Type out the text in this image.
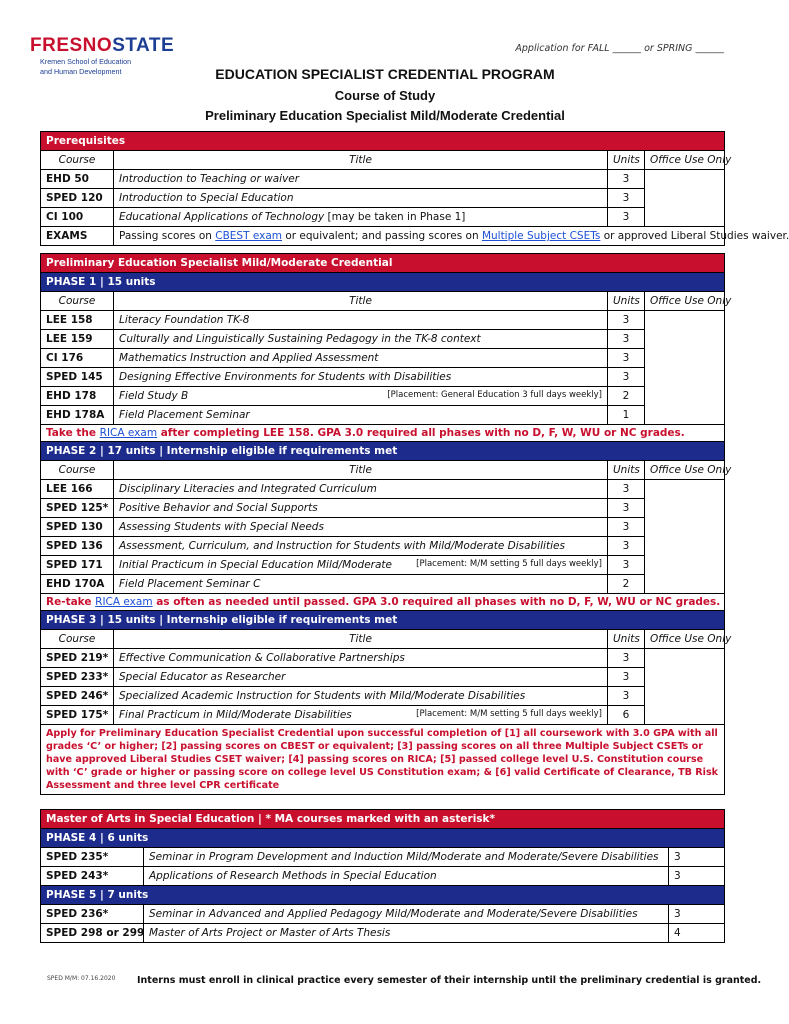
FRESNOSTATE
Kremen School of Education
and Human Development
Application for FALL ______ or SPRING ______
EDUCATION SPECIALIST CREDENTIAL PROGRAM
Course of Study
Preliminary Education Specialist Mild/Moderate Credential
Prerequisites			
Course	Title	Units	Office Use Only
EHD 50	Introduction to Teaching or waiver	3	
SPED 120	Introduction to Special Education	3	
CI 100	Educational Applications of Technology [may be taken in Phase 1]	3	
EXAMS	Passing scores on CBEST exam or equivalent; and passing scores on Multiple Subject CSETs or approved Liberal Studies waiver.		
Preliminary Education Specialist Mild/Moderate Credential			
PHASE 1 | 15 units			
Course	Title	Units	Office Use Only
LEE 158	Literacy Foundation TK-8	3	
LEE 159	Culturally and Linguistically Sustaining Pedagogy in the TK-8 context	3	
CI 176	Mathematics Instruction and Applied Assessment	3	
SPED 145	Designing Effective Environments for Students with Disabilities	3	
EHD 178	Field Study B [Placement: General Education 3 full days weekly]	2	
EHD 178A	Field Placement Seminar	1	
Take the RICA exam after completing LEE 158. GPA 3.0 required all phases with no D, F, W, WU or NC grades.			
PHASE 2 | 17 units | Internship eligible if requirements met			
Course	Title	Units	Office Use Only
LEE 166	Disciplinary Literacies and Integrated Curriculum	3	
SPED 125*	Positive Behavior and Social Supports	3	
SPED 130	Assessing Students with Special Needs	3	
SPED 136	Assessment, Curriculum, and Instruction for Students with Mild/Moderate Disabilities	3	
SPED 171	Initial Practicum in Special Education Mild/Moderate [Placement: M/M setting 5 full days weekly]	3	
EHD 170A	Field Placement Seminar C	2	
Re-take RICA exam as often as needed until passed. GPA 3.0 required all phases with no D, F, W, WU or NC grades.			
PHASE 3 | 15 units | Internship eligible if requirements met			
Course	Title	Units	Office Use Only
SPED 219*	Effective Communication & Collaborative Partnerships	3	
SPED 233*	Special Educator as Researcher	3	
SPED 246*	Specialized Academic Instruction for Students with Mild/Moderate Disabilities	3	
SPED 175*	Final Practicum in Mild/Moderate Disabilities [Placement: M/M setting 5 full days weekly]	6	
Apply for Preliminary Education Specialist Credential upon successful completion of [1] all coursework with 3.0 GPA with all grades ‘C’ or higher; [2] passing scores on CBEST or equivalent; [3] passing scores on all three Multiple Subject CSETs or have approved Liberal Studies CSET waiver; [4] passing scores on RICA; [5] passed college level U.S. Constitution course with ‘C’ grade or higher or passing score on college level US Constitution exam; & [6] valid Certificate of Clearance, TB Risk Assessment and three level CPR certificate			
Master of Arts in Special Education | * MA courses marked with an asterisk*		
PHASE 4 | 6 units		
SPED 235*	Seminar in Program Development and Induction Mild/Moderate and Moderate/Severe Disabilities	3
SPED 243*	Applications of Research Methods in Special Education	3
PHASE 5 | 7 units		
SPED 236*	Seminar in Advanced and Applied Pedagogy Mild/Moderate and Moderate/Severe Disabilities	3
SPED 298 or 299	Master of Arts Project or Master of Arts Thesis	4
SPED M/M: 07.16.2020 Interns must enroll in clinical practice every semester of their internship until the preliminary credential is granted.
